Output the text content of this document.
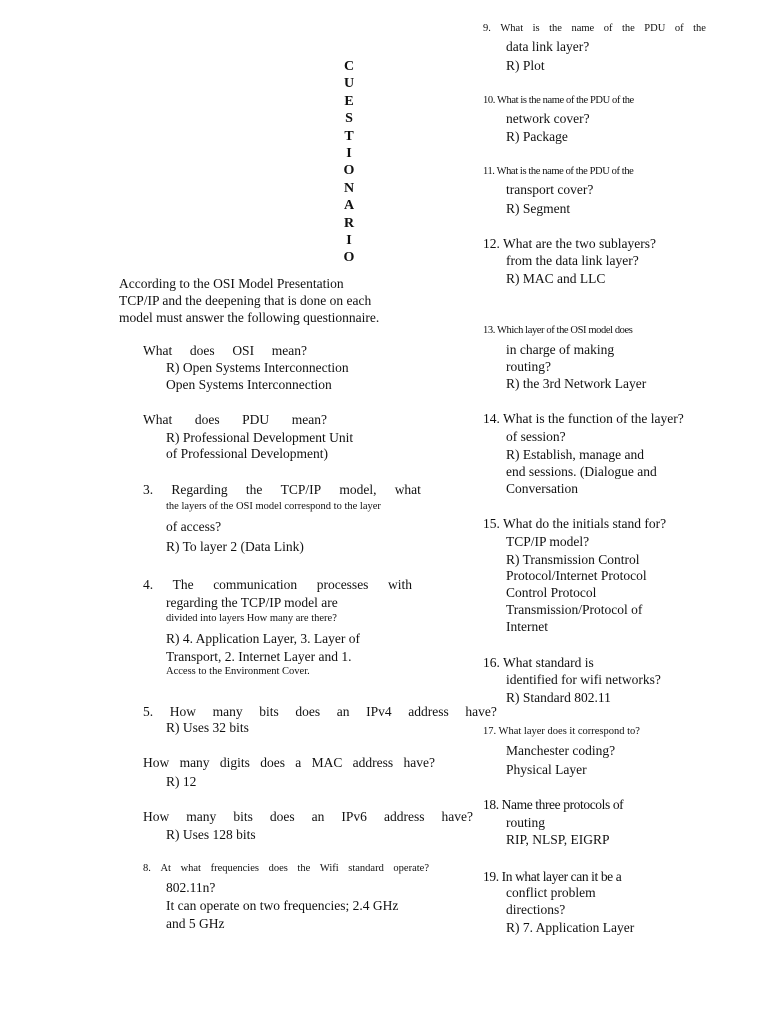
C
U
E
S
T
I
O
N
A
R
I
O
According to the OSI Model Presentation
TCP/IP and the deepening that is done on each
model must answer the following questionnaire.
What does OSI mean?
R) Open Systems Interconnection
Open Systems Interconnection
What does PDU mean?
R) Professional Development Unit
of Professional Development)
3. Regarding the TCP/IP model, what
the layers of the OSI model correspond to the layer
of access?
R) To layer 2 (Data Link)
4. The communication processes with
regarding the TCP/IP model are
divided into layers How many are there?
R) 4. Application Layer, 3. Layer of
Transport, 2. Internet Layer and 1.
Access to the Environment Cover.
5. How many bits does an IPv4 address have?
R) Uses 32 bits
How many digits does a MAC address have?
R) 12
How many bits does an IPv6 address have?
R) Uses 128 bits
8. At what frequencies does the Wifi standard operate?
802.11n?
It can operate on two frequencies; 2.4 GHz
and 5 GHz
9. What is the name of the PDU of the
data link layer?
R) Plot
10. What is the name of the PDU of the
network cover?
R) Package
11. What is the name of the PDU of the
transport cover?
R) Segment
12. What are the two sublayers?
from the data link layer?
R) MAC and LLC
13. Which layer of the OSI model does
in charge of making
routing?
R) the 3rd Network Layer
14. What is the function of the layer?
of session?
R) Establish, manage and
end sessions. (Dialogue and
Conversation
15. What do the initials stand for?
TCP/IP model?
R) Transmission Control
Protocol/Internet Protocol
Control Protocol
Transmission/Protocol of
Internet
16. What standard is
identified for wifi networks?
R) Standard 802.11
17. What layer does it correspond to?
Manchester coding?
Physical Layer
18. Name three protocols of
routing
RIP, NLSP, EIGRP
19. In what layer can it be a
conflict problem
directions?
R) 7. Application Layer
